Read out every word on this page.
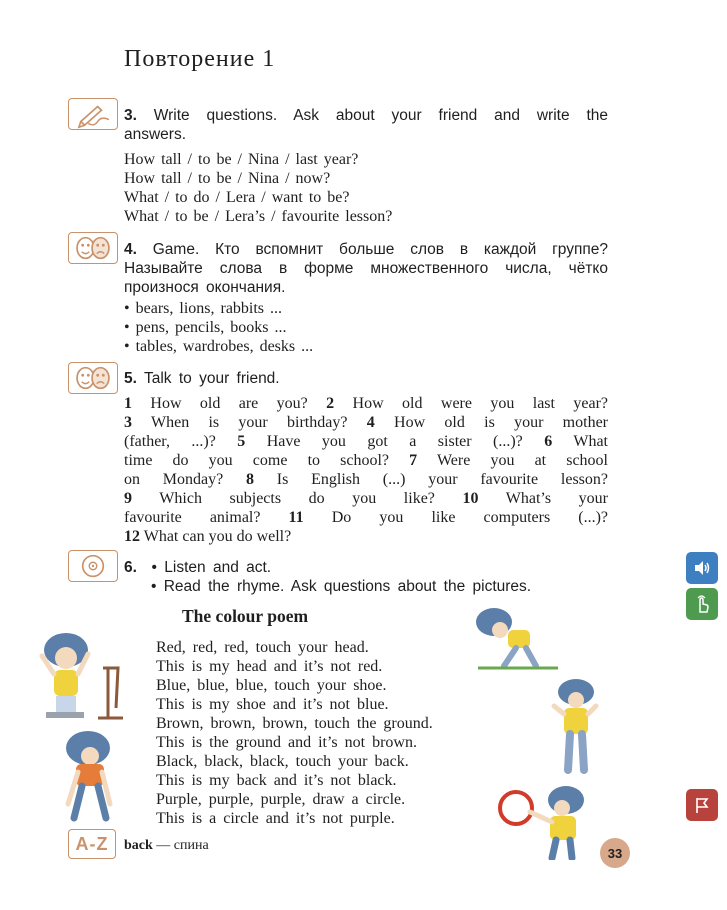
Повторение 1
3. Write questions. Ask about your friend and write the
answers.
How tall / to be / Nina / last year?
How tall / to be / Nina / now?
What / to do / Lera / want to be?
What / to be / Lera’s / favourite lesson?
4. Game. Кто вспомнит больше слов в каждой группе?
Называйте слова в форме множественного числа, чётко
произнося окончания.
• bears, lions, rabbits ...
• pens, pencils, books ...
• tables, wardrobes, desks ...
5. Talk to your friend.
1 How old are you? 2 How old were you last year?
3 When is your birthday? 4 How old is your mother
(father, ...)? 5 Have you got a sister (...)? 6 What
time do you come to school? 7 Were you at school
on Monday? 8 Is English (...) your favourite lesson?
9 Which subjects do you like? 10 What’s your
favourite animal? 11 Do you like computers (...)?
12 What can you do well?
6.  • Listen and act.
• Read the rhyme. Ask questions about the pictures.
The colour poem
Red, red, red, touch your head.
This is my head and it’s not red.
Blue, blue, blue, touch your shoe.
This is my shoe and it’s not blue.
Brown, brown, brown, touch the ground.
This is the ground and it’s not brown.
Black, black, black, touch your back.
This is my back and it’s not black.
Purple, purple, purple, draw a circle.
This is a circle and it’s not purple.
A-Z	back — спина	33
